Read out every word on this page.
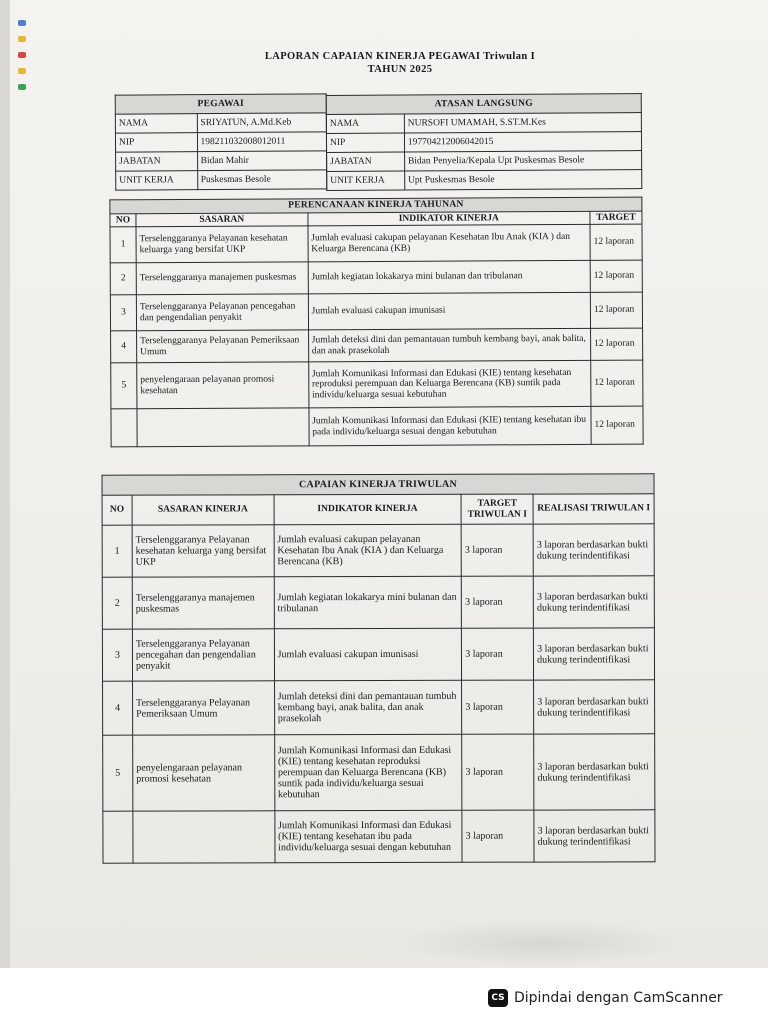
LAPORAN CAPAIAN KINERJA PEGAWAI Triwulan I
TAHUN 2025
PEGAWAI	
NAMA	SRIYATUN, A.Md.Keb
NIP	198211032008012011
JABATAN	Bidan Mahir
UNIT KERJA	Puskesmas Besole
ATASAN LANGSUNG	
NAMA	NURSOFI UMAMAH, S.ST.M.Kes
NIP	197704212006042015
JABATAN	Bidan Penyelia/Kepala Upt Puskesmas Besole
UNIT KERJA	Upt Puskesmas Besole
PERENCANAAN KINERJA TAHUNAN			
NO	SASARAN	INDIKATOR KINERJA	TARGET
1	Terselenggaranya Pelayanan kesehatan keluarga yang bersifat UKP	Jumlah evaluasi cakupan pelayanan Kesehatan Ibu Anak (KIA ) dan Keluarga Berencana (KB)	12 laporan
2	Terselenggaranya manajemen puskesmas	Jumlah kegiatan lokakarya mini bulanan dan tribulanan	12 laporan
3	Terselenggaranya Pelayanan pencegahan dan pengendalian penyakit	Jumlah evaluasi cakupan imunisasi	12 laporan
4	Terselenggaranya Pelayanan Pemeriksaan Umum	Jumlah deteksi dini dan pemantauan tumbuh kembang bayi, anak balita, dan anak prasekolah	12 laporan
5	penyelengaraan pelayanan promosi kesehatan	Jumlah Komunikasi Informasi dan Edukasi (KIE) tentang kesehatan reproduksi perempuan dan Keluarga Berencana (KB) suntik pada individu/keluarga sesuai kebutuhan	12 laporan
		Jumlah Komunikasi Informasi dan Edukasi (KIE) tentang kesehatan ibu pada individu/keluarga sesuai dengan kebutuhan	12 laporan
CAPAIAN KINERJA TRIWULAN				
NO	SASARAN KINERJA	INDIKATOR KINERJA	TARGET TRIWULAN I	REALISASI TRIWULAN I
1	Terselenggaranya Pelayanan kesehatan keluarga yang bersifat UKP	Jumlah evaluasi cakupan pelayanan Kesehatan Ibu Anak (KIA ) dan Keluarga Berencana (KB)	3 laporan	3 laporan berdasarkan bukti dukung terindentifikasi
2	Terselenggaranya manajemen puskesmas	Jumlah kegiatan lokakarya mini bulanan dan tribulanan	3 laporan	3 laporan berdasarkan bukti dukung terindentifikasi
3	Terselenggaranya Pelayanan pencegahan dan pengendalian penyakit	Jumlah evaluasi cakupan imunisasi	3 laporan	3 laporan berdasarkan bukti dukung terindentifikasi
4	Terselenggaranya Pelayanan Pemeriksaan Umum	Jumlah deteksi dini dan pemantauan tumbuh kembang bayi, anak balita, dan anak prasekolah	3 laporan	3 laporan berdasarkan bukti dukung terindentifikasi
5	penyelengaraan pelayanan promosi kesehatan	Jumlah Komunikasi Informasi dan Edukasi (KIE) tentang kesehatan reproduksi perempuan dan Keluarga Berencana (KB) suntik pada individu/keluarga sesuai kebutuhan	3 laporan	3 laporan berdasarkan bukti dukung terindentifikasi
		Jumlah Komunikasi Informasi dan Edukasi (KIE) tentang kesehatan ibu pada individu/keluarga sesuai dengan kebutuhan	3 laporan	3 laporan berdasarkan bukti dukung terindentifikasi
CS Dipindai dengan CamScanner
